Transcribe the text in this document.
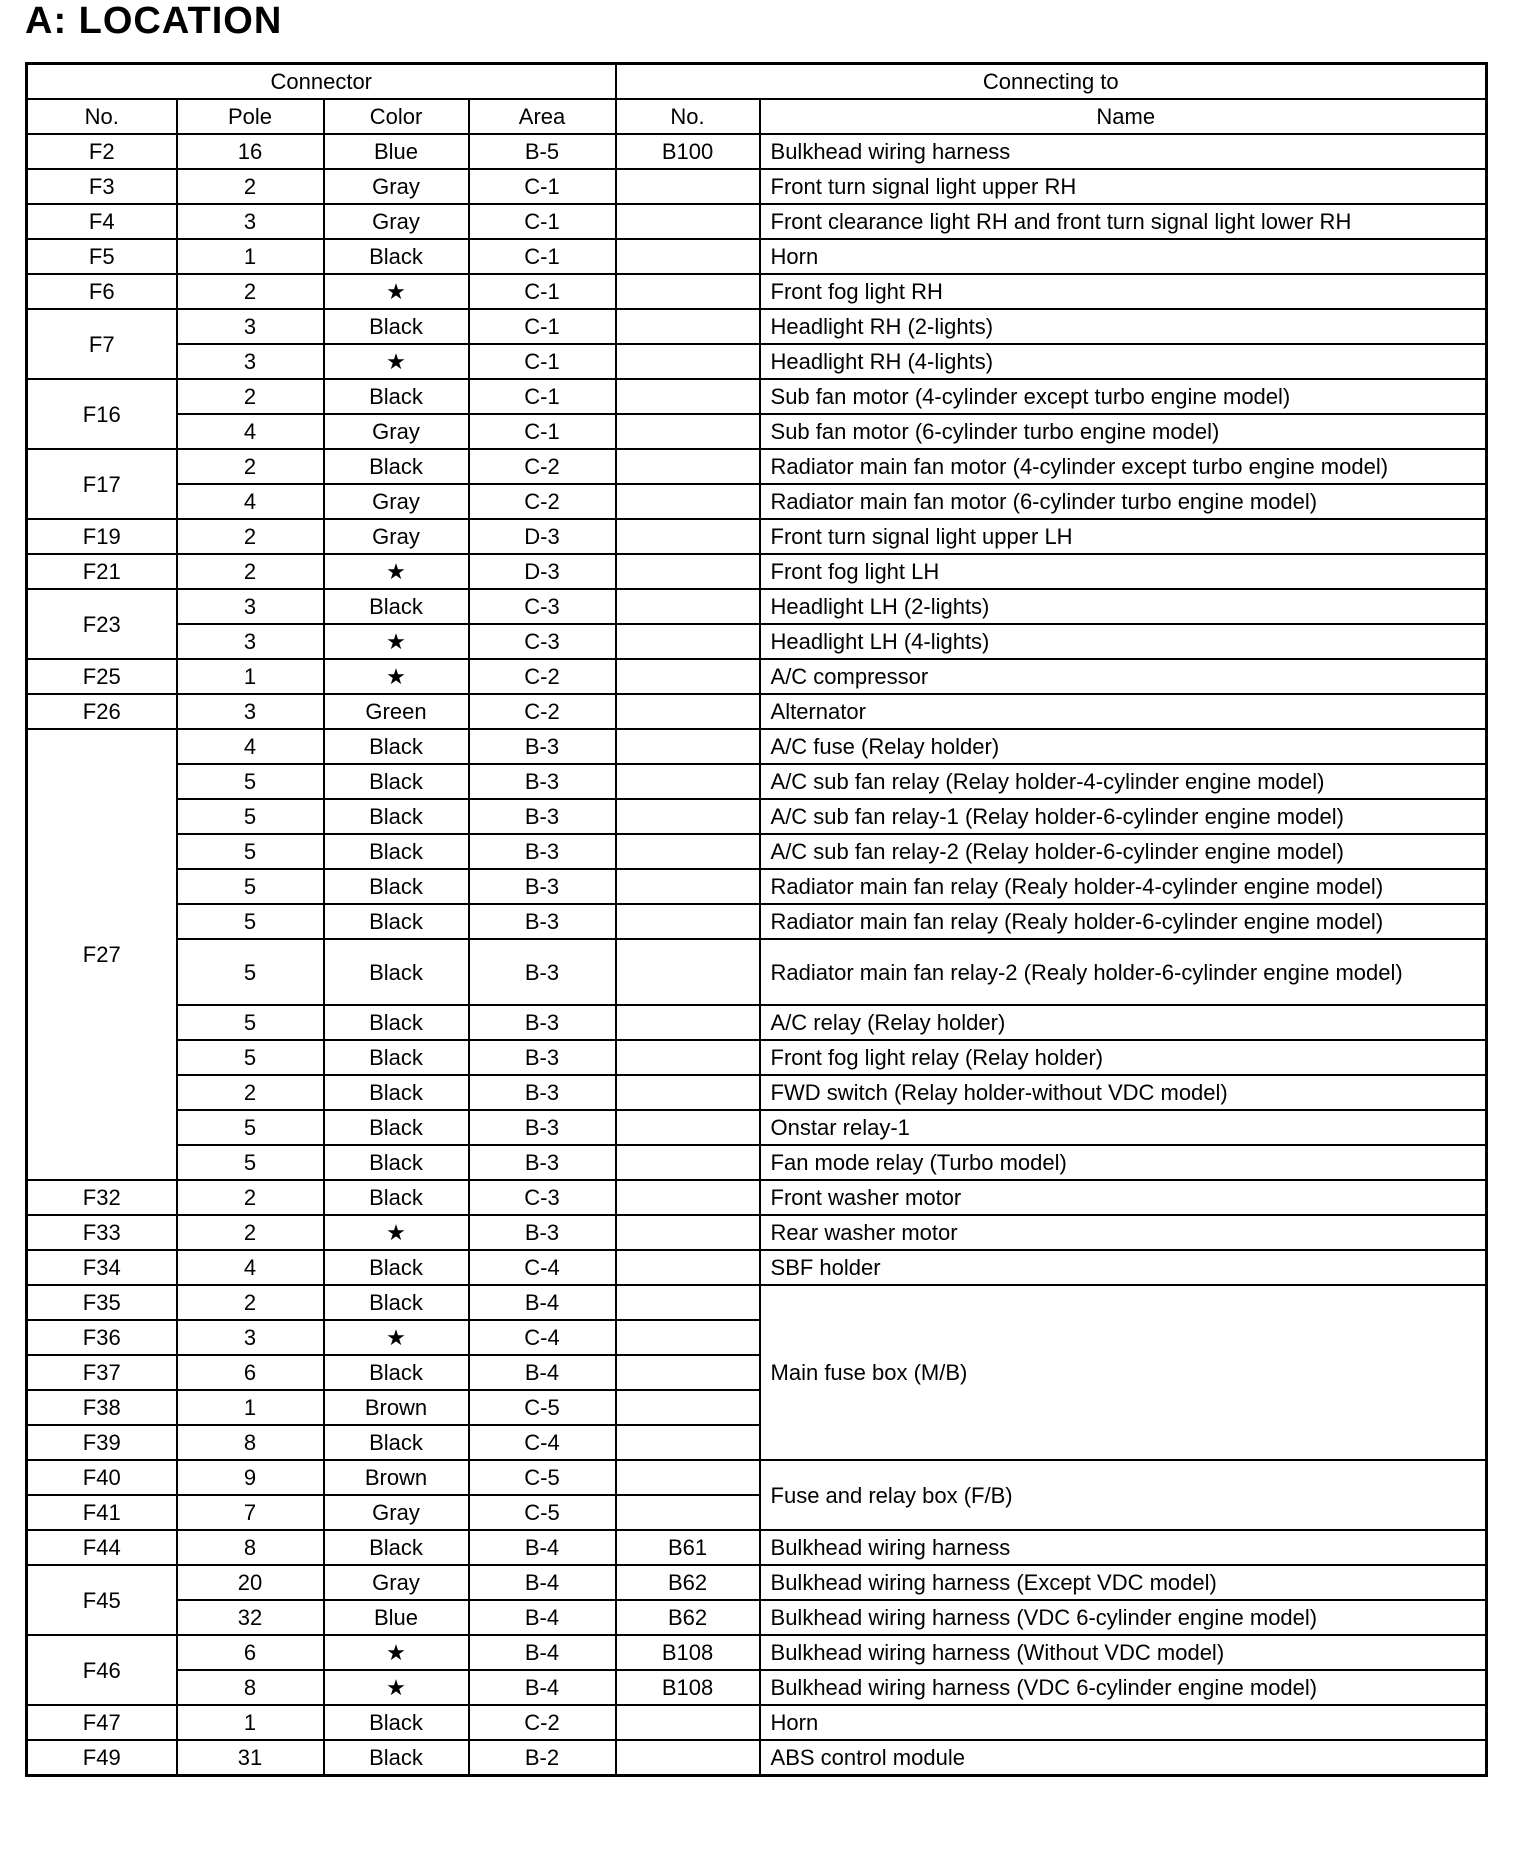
A: LOCATION
Connector				Connecting to	
No.	Pole	Color	Area	No.	Name
F2	16	Blue	B-5	B100	Bulkhead wiring harness
F3	2	Gray	C-1		Front turn signal light upper RH
F4	3	Gray	C-1		Front clearance light RH and front turn signal light lower RH
F5	1	Black	C-1		Horn
F6	2	★	C-1		Front fog light RH
F7	3	Black	C-1		Headlight RH (2-lights)
	3	★	C-1		Headlight RH (4-lights)
F16	2	Black	C-1		Sub fan motor (4-cylinder except turbo engine model)
	4	Gray	C-1		Sub fan motor (6-cylinder turbo engine model)
F17	2	Black	C-2		Radiator main fan motor (4-cylinder except turbo engine model)
	4	Gray	C-2		Radiator main fan motor (6-cylinder turbo engine model)
F19	2	Gray	D-3		Front turn signal light upper LH
F21	2	★	D-3		Front fog light LH
F23	3	Black	C-3		Headlight LH (2-lights)
	3	★	C-3		Headlight LH (4-lights)
F25	1	★	C-2		A/C compressor
F26	3	Green	C-2		Alternator
F27	4	Black	B-3		A/C fuse (Relay holder)
	5	Black	B-3		A/C sub fan relay (Relay holder-4-cylinder engine model)
	5	Black	B-3		A/C sub fan relay-1 (Relay holder-6-cylinder engine model)
	5	Black	B-3		A/C sub fan relay-2 (Relay holder-6-cylinder engine model)
	5	Black	B-3		Radiator main fan relay (Realy holder-4-cylinder engine model)
	5	Black	B-3		Radiator main fan relay (Realy holder-6-cylinder engine model)
	5	Black	B-3		Radiator main fan relay-2 (Realy holder-6-cylinder engine model)
	5	Black	B-3		A/C relay (Relay holder)
	5	Black	B-3		Front fog light relay (Relay holder)
	2	Black	B-3		FWD switch (Relay holder-without VDC model)
	5	Black	B-3		Onstar relay-1
	5	Black	B-3		Fan mode relay (Turbo model)
F32	2	Black	C-3		Front washer motor
F33	2	★	B-3		Rear washer motor
F34	4	Black	C-4		SBF holder
F35	2	Black	B-4		Main fuse box (M/B)
F36	3	★	C-4		
F37	6	Black	B-4		
F38	1	Brown	C-5		
F39	8	Black	C-4		
F40	9	Brown	C-5		Fuse and relay box (F/B)
F41	7	Gray	C-5		
F44	8	Black	B-4	B61	Bulkhead wiring harness
F45	20	Gray	B-4	B62	Bulkhead wiring harness (Except VDC model)
	32	Blue	B-4	B62	Bulkhead wiring harness (VDC 6-cylinder engine model)
F46	6	★	B-4	B108	Bulkhead wiring harness (Without VDC model)
	8	★	B-4	B108	Bulkhead wiring harness (VDC 6-cylinder engine model)
F47	1	Black	C-2		Horn
F49	31	Black	B-2		ABS control module
